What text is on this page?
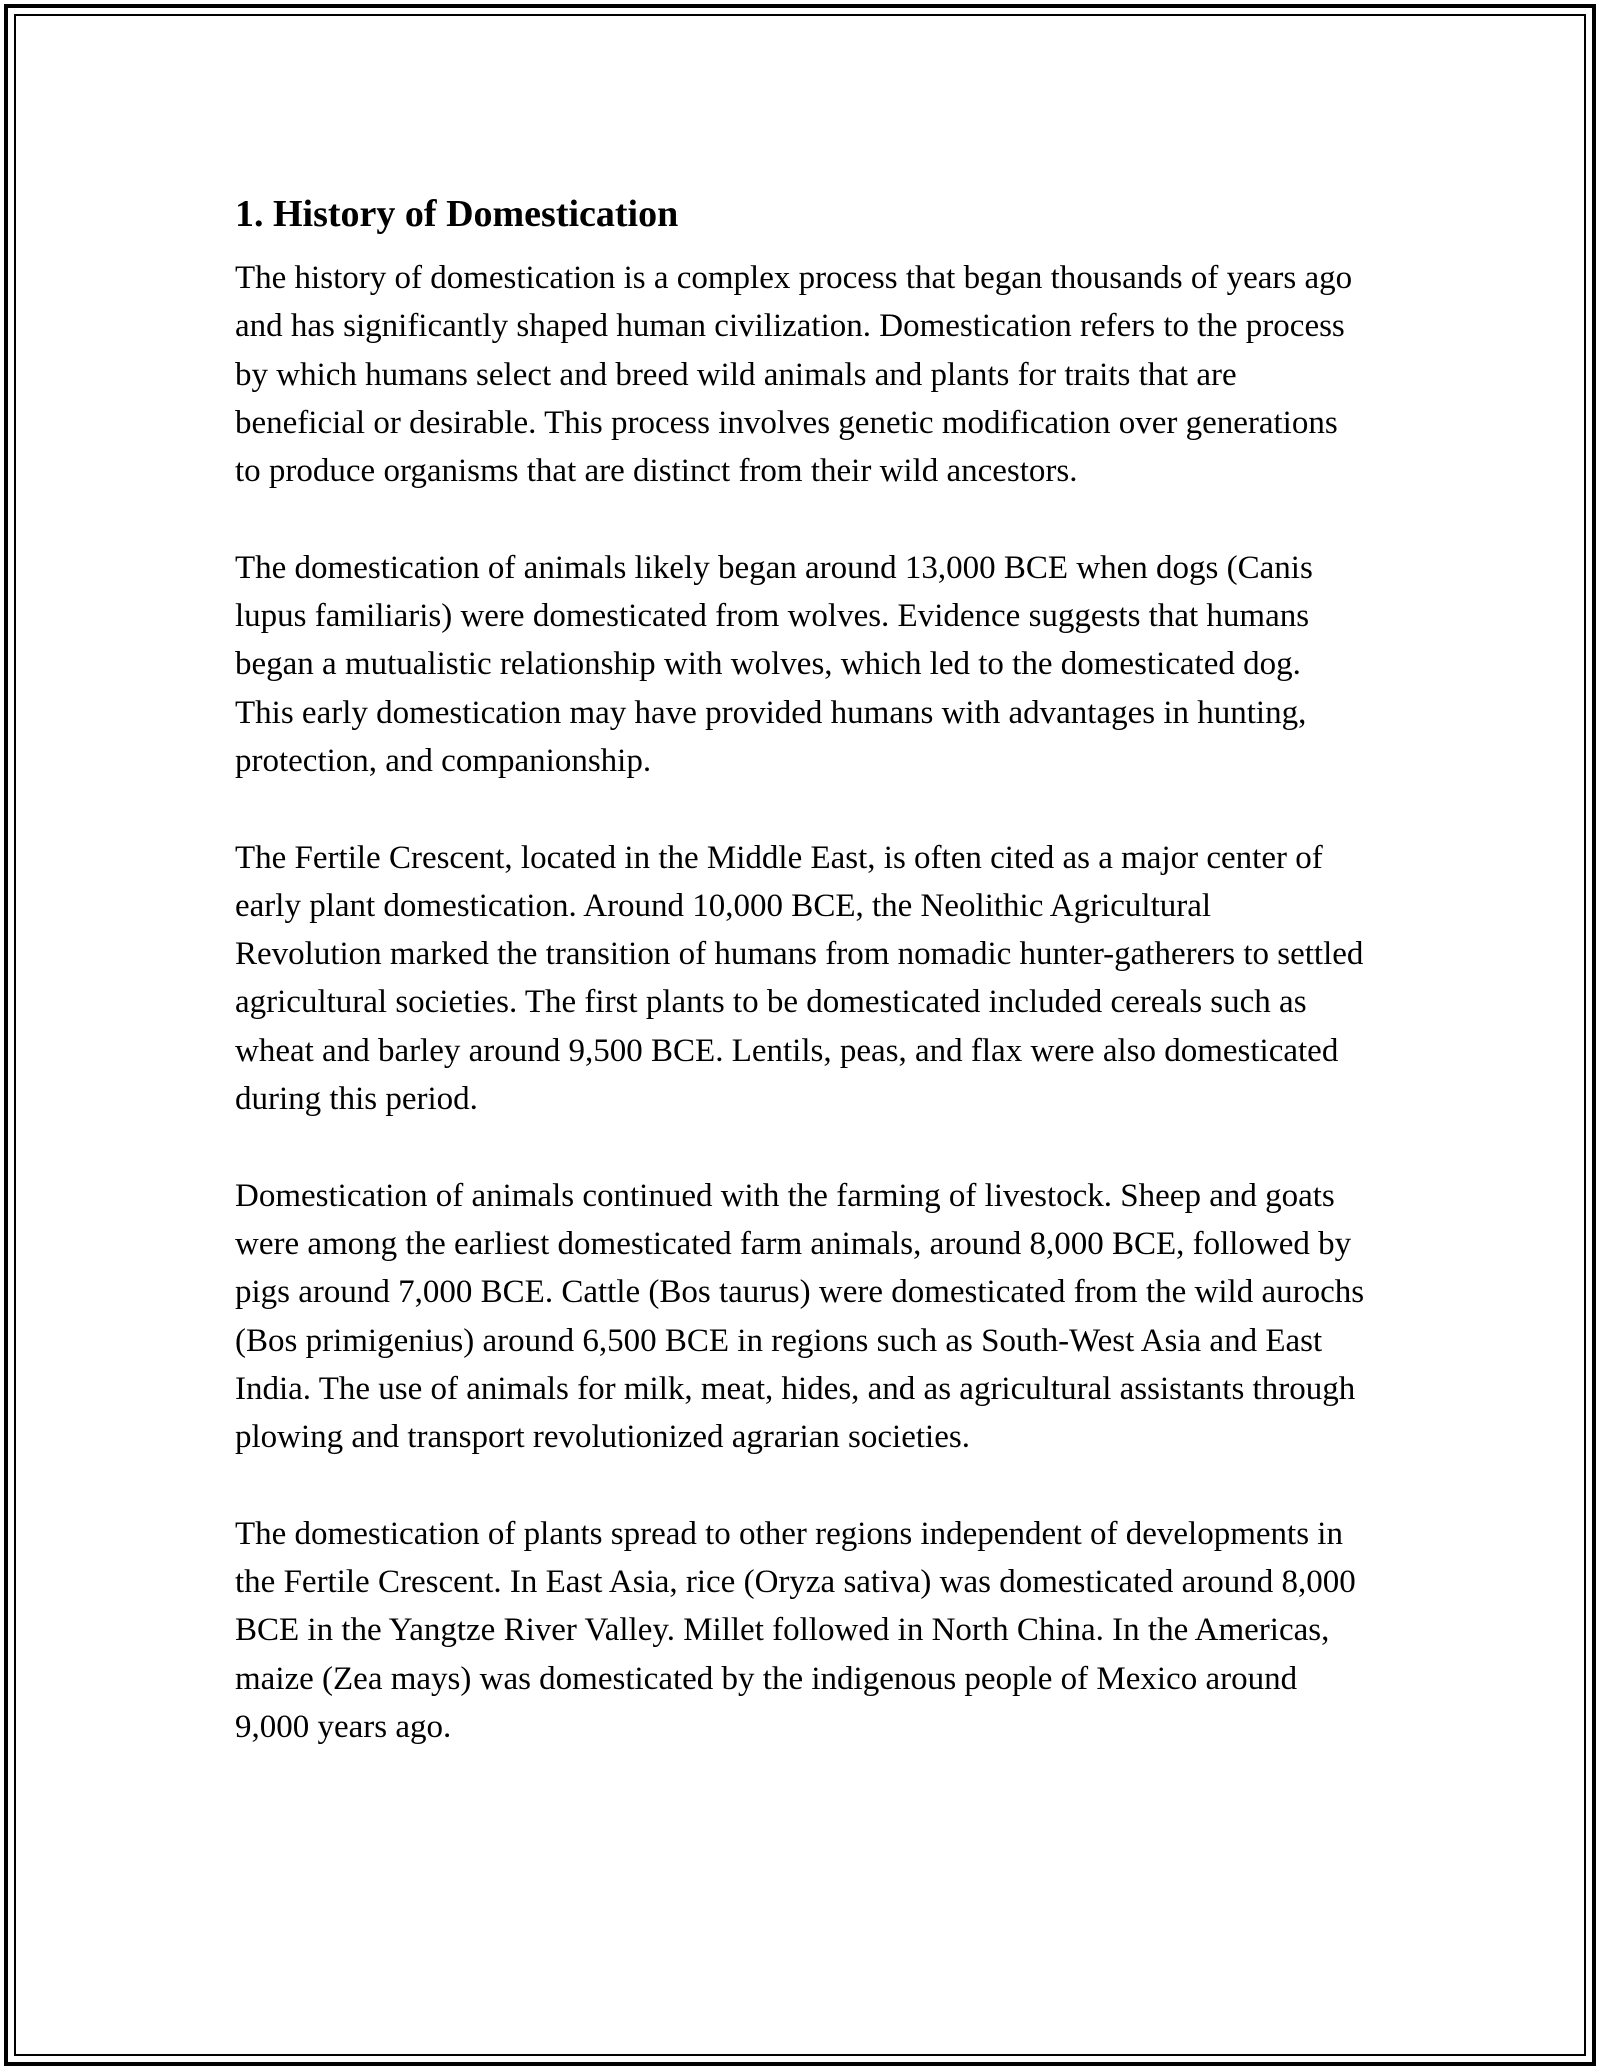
1. History of Domestication

The history of domestication is a complex process that began thousands of years ago and has significantly shaped human civilization. Domestication refers to the process by which humans select and breed wild animals and plants for traits that are beneficial or desirable. This process involves genetic modification over generations to produce organisms that are distinct from their wild ancestors.

The domestication of animals likely began around 13,000 BCE when dogs (Canis lupus familiaris) were domesticated from wolves. Evidence suggests that humans began a mutualistic relationship with wolves, which led to the domesticated dog. This early domestication may have provided humans with advantages in hunting, protection, and companionship.

The Fertile Crescent, located in the Middle East, is often cited as a major center of early plant domestication. Around 10,000 BCE, the Neolithic Agricultural Revolution marked the transition of humans from nomadic hunter-gatherers to settled agricultural societies. The first plants to be domesticated included cereals such as wheat and barley around 9,500 BCE. Lentils, peas, and flax were also domesticated during this period.

Domestication of animals continued with the farming of livestock. Sheep and goats were among the earliest domesticated farm animals, around 8,000 BCE, followed by pigs around 7,000 BCE. Cattle (Bos taurus) were domesticated from the wild aurochs (Bos primigenius) around 6,500 BCE in regions such as South-West Asia and East India. The use of animals for milk, meat, hides, and as agricultural assistants through plowing and transport revolutionized agrarian societies.

The domestication of plants spread to other regions independent of developments in the Fertile Crescent. In East Asia, rice (Oryza sativa) was domesticated around 8,000 BCE in the Yangtze River Valley. Millet followed in North China. In the Americas, maize (Zea mays) was domesticated by the indigenous people of Mexico around 9,000 years ago.
